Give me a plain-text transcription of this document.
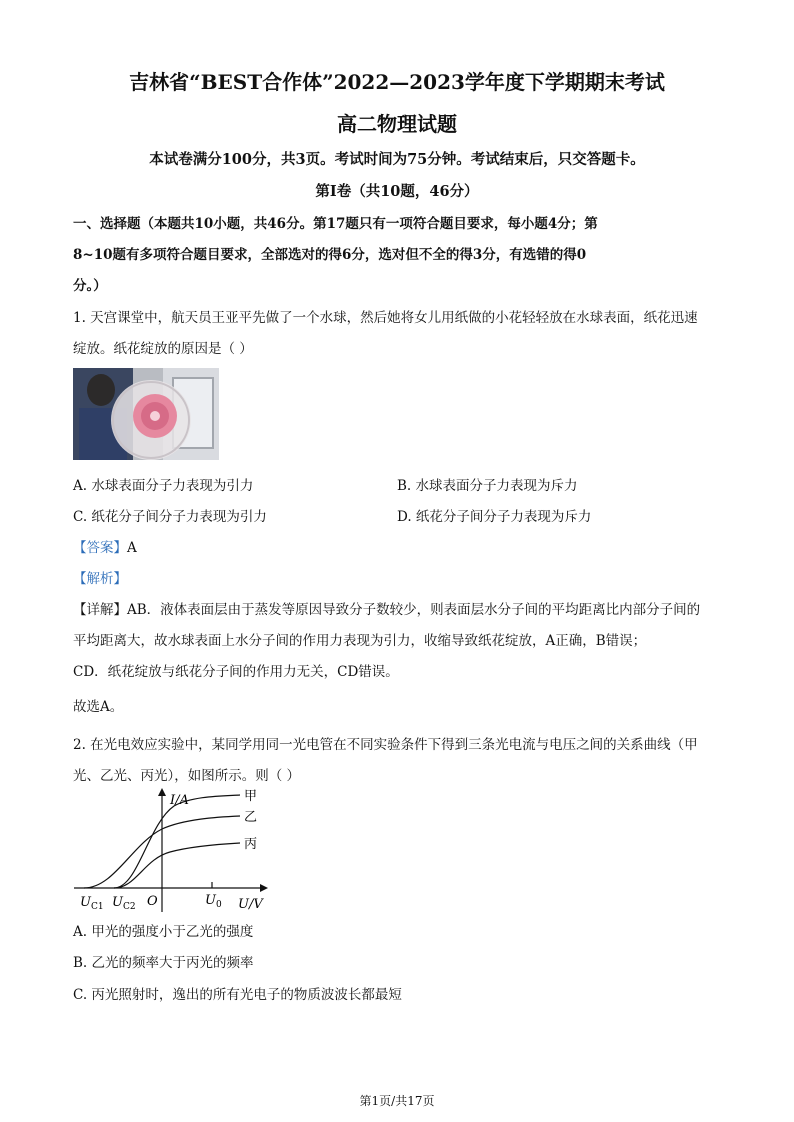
吉林省“BEST合作体”2022—2023学年度下学期期末考试
高二物理试题
本试卷满分100分，共3页。考试时间为75分钟。考试结束后，只交答题卡。
第Ⅰ卷（共10题，46分）
一、选择题（本题共10小题，共46分。第17题只有一项符合题目要求，每小题4分；第
8~10题有多项符合题目要求，全部选对的得6分，选对但不全的得3分，有选错的得0
分。）
1. 天宫课堂中，航天员王亚平先做了一个水球，然后她将女儿用纸做的小花轻轻放在水球表面，纸花迅速
绽放。纸花绽放的原因是（ ）
A. 水球表面分子力表现为引力	B. 水球表面分子力表现为斥力
C. 纸花分子间分子力表现为引力	D. 纸花分子间分子力表现为斥力
【答案】A
【解析】
【详解】AB．液体表面层由于蒸发等原因导致分子数较少，则表面层水分子间的平均距离比内部分子间的
平均距离大，故水球表面上水分子间的作用力表现为引力，收缩导致纸花绽放，A正确，B错误；
CD．纸花绽放与纸花分子间的作用力无关，CD错误。
故选A。
2. 在光电效应实验中，某同学用同一光电管在不同实验条件下得到三条光电流与电压之间的关系曲线（甲
光、乙光、丙光），如图所示。则（ ）
I/A
U/V
$U_{C1}$ $U_{C2}$ O	$U_0$
甲
乙
丙
A. 甲光的强度小于乙光的强度
B. 乙光的频率大于丙光的频率
C. 丙光照射时，逸出的所有光电子的物质波波长都最短
第1页/共17页
